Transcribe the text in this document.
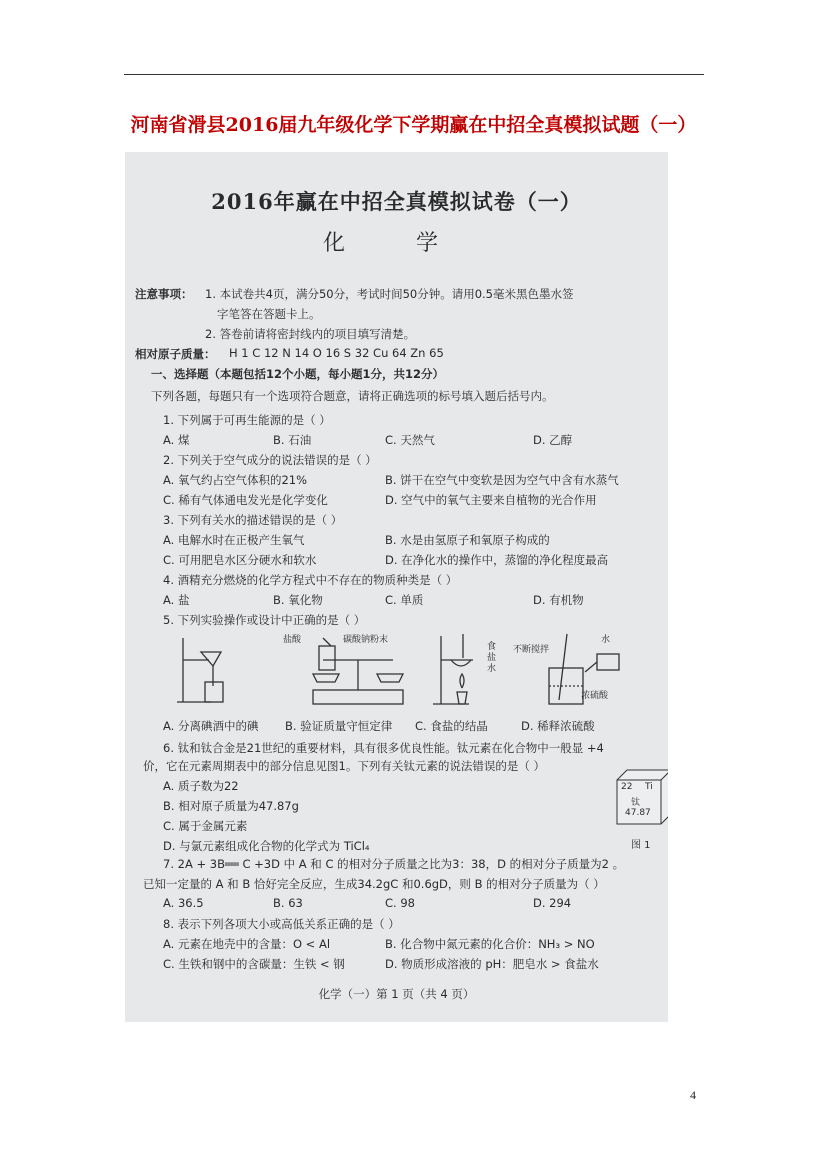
河南省滑县2016届九年级化学下学期赢在中招全真模拟试题（一）
2016年赢在中招全真模拟试卷（一）
化 学
注意事项： 1. 本试卷共4页，满分50分，考试时间50分钟。请用0.5毫米黑色墨水签
字笔答在答题卡上。
2. 答卷前请将密封线内的项目填写清楚。
相对原子质量： H 1 C 12 N 14 O 16 S 32 Cu 64 Zn 65
一、选择题（本题包括12个小题，每小题1分，共12分）
下列各题，每题只有一个选项符合题意，请将正确选项的标号填入题后括号内。
1. 下列属于可再生能源的是（ ）
A. 煤	B. 石油	C. 天然气	D. 乙醇
2. 下列关于空气成分的说法错误的是（ ）
A. 氧气约占空气体积的21%	B. 饼干在空气中变软是因为空气中含有水蒸气
C. 稀有气体通电发光是化学变化	D. 空气中的氧气主要来自植物的光合作用
3. 下列有关水的描述错误的是（ ）
A. 电解水时在正极产生氧气	B. 水是由氢原子和氧原子构成的
C. 可用肥皂水区分硬水和软水	D. 在净化水的操作中，蒸馏的净化程度最高
4. 酒精充分燃烧的化学方程式中不存在的物质种类是（ ）
A. 盐	B. 氧化物	C. 单质	D. 有机物
5. 下列实验操作或设计中正确的是（ ）
盐酸	碳酸钠粉末
食盐水
不断搅拌
水
浓硫酸
A. 分离碘酒中的碘 B. 验证质量守恒定律 C. 食盐的结晶	D. 稀释浓硫酸
6. 钛和钛合金是21世纪的重要材料，具有很多优良性能。钛元素在化合物中一般显 +4
价，它在元素周期表中的部分信息见图1。下列有关钛元素的说法错误的是（ ）
A. 质子数为22
B. 相对原子质量为47.87g
C. 属于金属元素
D. 与氯元素组成化合物的化学式为 TiCl₄
22 Ti
钛
47.87
图 1
7. 2A + 3B══ C +3D 中 A 和 C 的相对分子质量之比为3：38，D 的相对分子质量为2 。
已知一定量的 A 和 B 恰好完全反应，生成34.2gC 和0.6gD，则 B 的相对分子质量为（ ）
A. 36.5	B. 63	C. 98	D. 294
8. 表示下列各项大小或高低关系正确的是（ ）
A. 元素在地壳中的含量：O < Al	B. 化合物中氮元素的化合价：NH₃ > NO
C. 生铁和钢中的含碳量：生铁 < 钢	D. 物质形成溶液的 pH：肥皂水 > 食盐水
化学（一）第 1 页（共 4 页）
4
